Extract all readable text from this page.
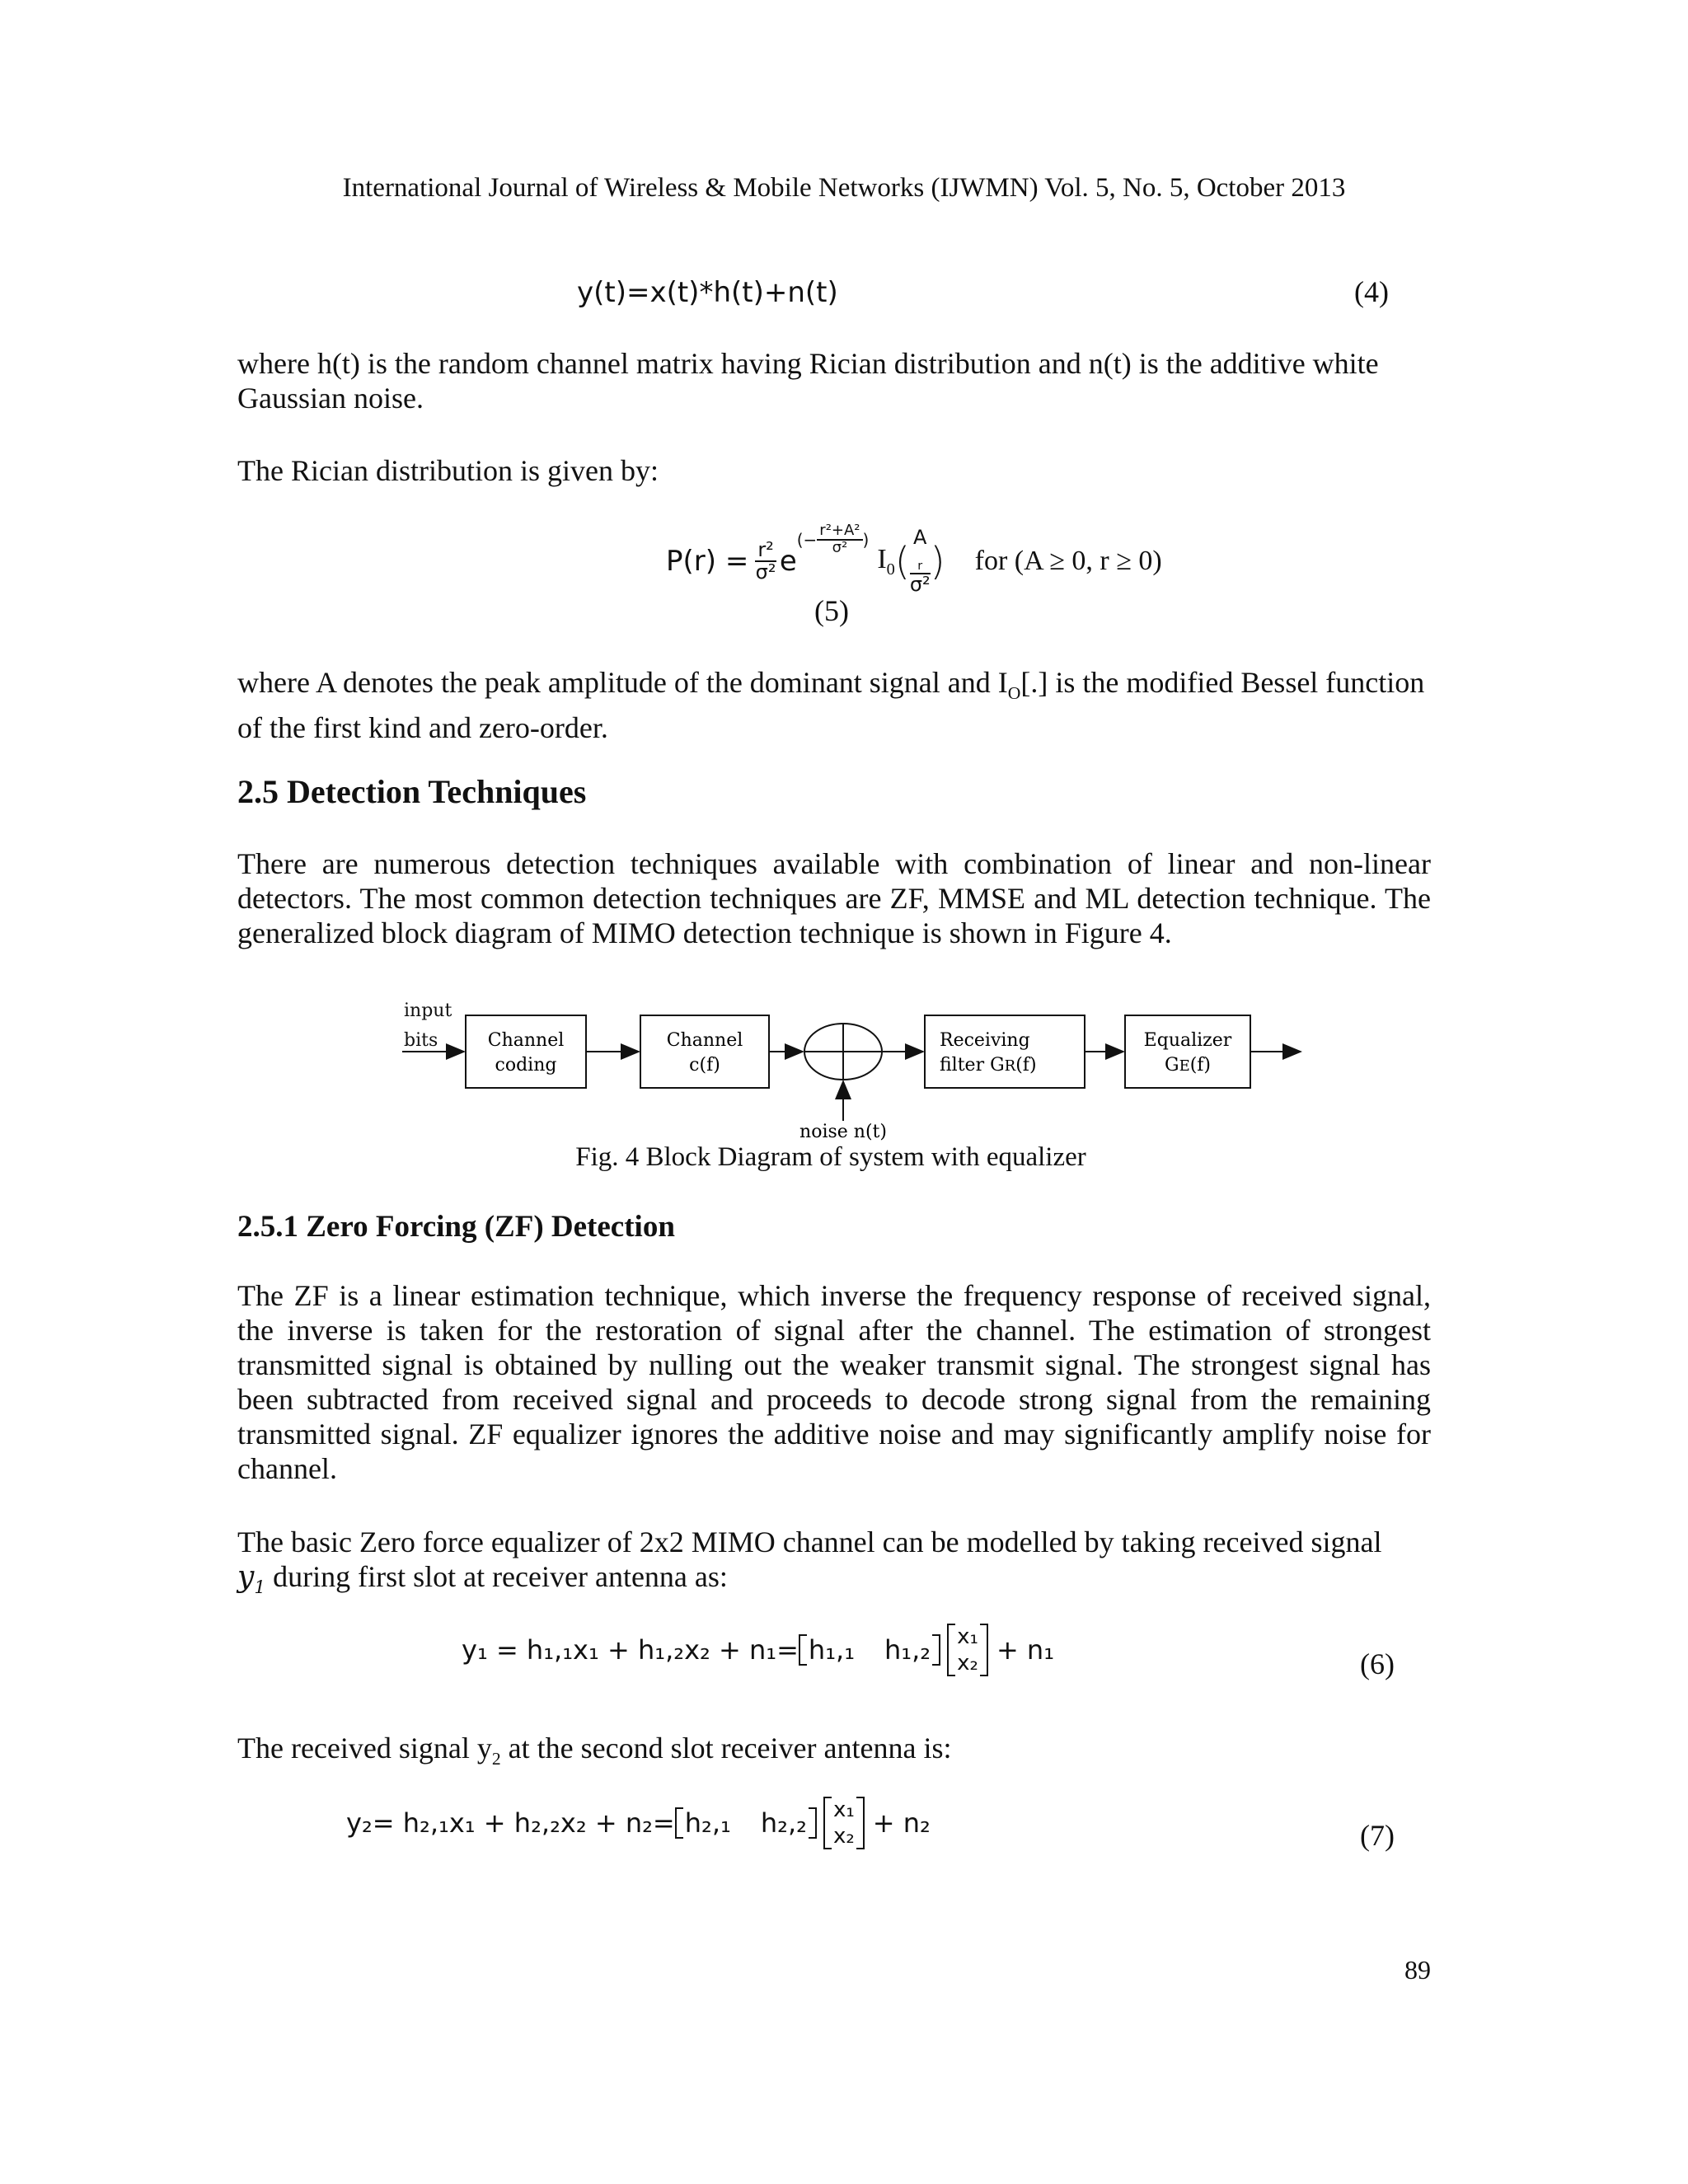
International Journal of Wireless & Mobile Networks (IJWMN) Vol. 5, No. 5, October 2013
y(t)=x(t)*h(t)+n(t)	(4)
where h(t) is the random channel matrix having Rician distribution and n(t) is the additive white Gaussian noise.
The Rician distribution is given by:
$P(r) = \frac{\text{r²}}{\text{σ²}}$ e
(− $\frac{\text{r²+A²}}{\text{σ²}}$ )
$I_0$ ( A
$_r$
σ² ) for (A ≥ 0, r ≥ 0)
(5)
where A denotes the peak amplitude of the dominant signal and $I_O[.]$ is the modified Bessel function of the first kind and zero-order.
2.5 Detection Techniques
There are numerous detection techniques available with combination of linear and non-linear detectors. The most common detection techniques are ZF, MMSE and ML detection technique. The generalized block diagram of MIMO detection technique is shown in Figure 4.
input
bits	Channel
coding
Channel
c(f)
Receiving
filter GR(f)
Equalizer
GE(f)
noise n(t)
Fig. 4 Block Diagram of system with equalizer
2.5.1 Zero Forcing (ZF) Detection
The ZF is a linear estimation technique, which inverse the frequency response of received signal, the inverse is taken for the restoration of signal after the channel. The estimation of strongest transmitted signal is obtained by nulling out the weaker transmit signal. The strongest signal has been subtracted from received signal and proceeds to decode strong signal from the remaining transmitted signal. ZF equalizer ignores the additive noise and may significantly amplify noise for channel.
The basic Zero force equalizer of 2x2 MIMO channel can be modelled by taking received signal
$y_1$ during first slot at receiver antenna as:
y₁ = h₁,₁x₁ + h₁,₂x₂ + n₁= h₁,₁ h₁,₂ x₁
x₂ + n₁	(6)
The received signal $y_2$ at the second slot receiver antenna is:
y₂= h₂,₁x₁ + h₂,₂x₂ + n₂= h₂,₁ h₂,₂ x₁
x₂ + n₂	(7)
89
